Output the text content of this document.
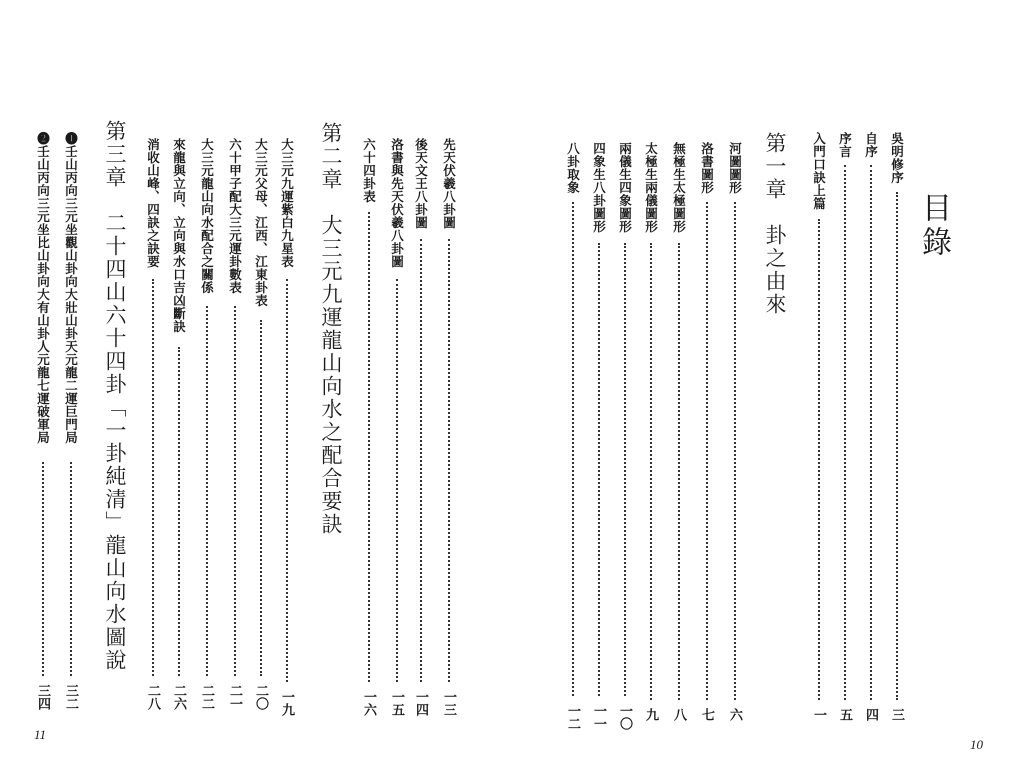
目錄
10
11
吳明修序
三
自序
四
序言
五
入門口訣上篇
一
第一章　卦之由來
河圖圖形
六
洛書圖形
七
無極生太極圖形
八
太極生兩儀圖形
九
兩儀生四象圖形
一〇
四象生八卦圖形
一一
八卦取象
一二
先天伏羲八卦圖
一三
後天文王八卦圖
一四
洛書與先天伏羲八卦圖
一五
六十四卦表
一六
第二章　大三元九運龍山向水之配合要訣
大三元九運紫白九星表
一九
大三元父母、江西、江東卦表
二〇
六十甲子配大三元運卦數表
二一
大三元龍山向水配合之關係
二二
來龍與立向、立向與水口吉凶斷訣
二六
消收山峰、四訣之訣要
二八
第三章　二十四山六十四卦「一卦純清」龍山向水圖說
❶壬山丙向三元坐觀山卦向大壯山卦天元龍二運巨門局
三二
❷壬山丙向三元坐比山卦向大有山卦人元龍七運破軍局
三四
